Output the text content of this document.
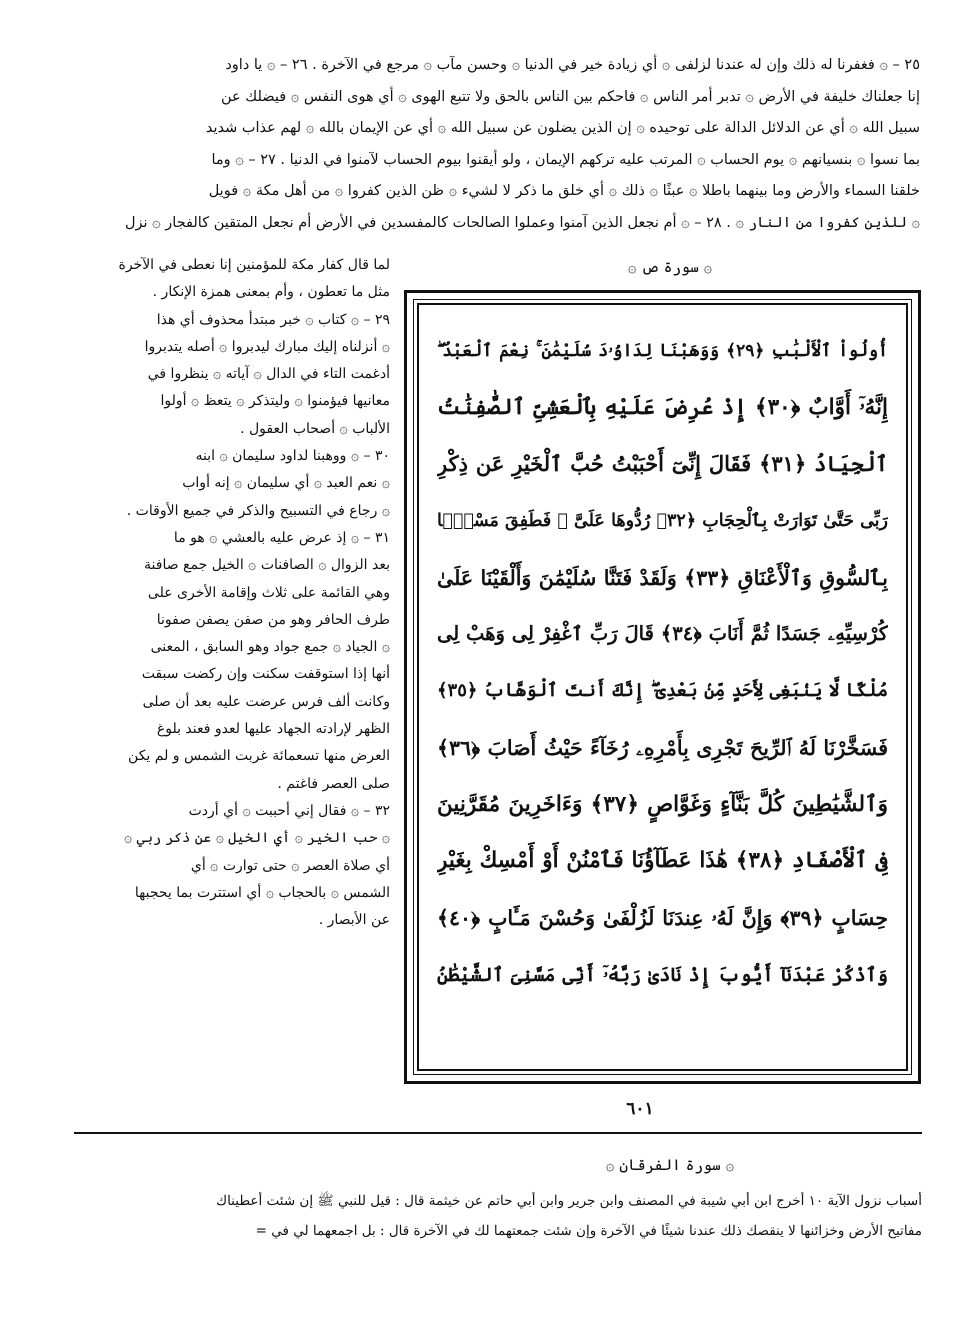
٢٥ – ۞ فغفرنا له ذلك وإن له عندنا لزلفى ۞ أي زيادة خير في الدنيا ۞ وحسن مآب ۞ مرجع في الآخرة . ٢٦ – ۞ يا داود
إنا جعلناك خليفة في الأرض ۞ تدبر أمر الناس ۞ فاحكم بين الناس بالحق ولا تتبع الهوى ۞ أي هوى النفس ۞ فيضلك عن
سبيل الله ۞ أي عن الدلائل الدالة على توحيده ۞ إن الذين يضلون عن سبيل الله ۞ أي عن الإيمان بالله ۞ لهم عذاب شديد
بما نسوا ۞ بنسيانهم ۞ يوم الحساب ۞ المرتب عليه تركهم الإيمان ، ولو أيقنوا بيوم الحساب لآمنوا في الدنيا . ٢٧ – ۞ وما
خلقنا السماء والأرض وما بينهما باطلا ۞ عبثًا ۞ ذلك ۞ أي خلق ما ذكر لا لشيء ۞ ظن الذين كفروا ۞ من أهل مكة ۞ فويل
۞ للذين كفروا من النار ۞ . ٢٨ – ۞ أم نجعل الذين آمنوا وعملوا الصالحات كالمفسدين في الأرض أم نجعل المتقين كالفجار ۞ نزل
۞ سورة ص ۞
أُولُواْ ٱلْأَلْبَٰبِ ﴿٢٩﴾ وَوَهَبْنَا لِدَاوُۥدَ سُلَيْمَٰنَ ۚ نِعْمَ ٱلْعَبْدُ ۖ
إِنَّهُۥٓ أَوَّابٌ ﴿٣٠﴾ إِذْ عُرِضَ عَلَيْهِ بِٱلْعَشِىِّ ٱلصَّٰفِنَٰتُ
ٱلْجِيَادُ ﴿٣١﴾ فَقَالَ إِنِّىٓ أَحْبَبْتُ حُبَّ ٱلْخَيْرِ عَن ذِكْرِ
رَبِّى حَتَّىٰ تَوَارَتْ بِٱلْحِجَابِ ﴿٣٢﴾ رُدُّوهَا عَلَىَّ ۖ فَطَفِقَ مَسْحًۢا
بِٱلسُّوقِ وَٱلْأَعْنَاقِ ﴿٣٣﴾ وَلَقَدْ فَتَنَّا سُلَيْمَٰنَ وَأَلْقَيْنَا عَلَىٰ
كُرْسِيِّهِۦ جَسَدًا ثُمَّ أَنَابَ ﴿٣٤﴾ قَالَ رَبِّ ٱغْفِرْ لِى وَهَبْ لِى
مُلْكًا لَّا يَنۢبَغِى لِأَحَدٍ مِّنۢ بَعْدِىٓ ۖ إِنَّكَ أَنتَ ٱلْوَهَّابُ ﴿٣٥﴾
فَسَخَّرْنَا لَهُ ٱلرِّيحَ تَجْرِى بِأَمْرِهِۦ رُخَآءً حَيْثُ أَصَابَ ﴿٣٦﴾
وَٱلشَّيَٰطِينَ كُلَّ بَنَّآءٍ وَغَوَّاصٍ ﴿٣٧﴾ وَءَاخَرِينَ مُقَرَّنِينَ
فِى ٱلْأَصْفَادِ ﴿٣٨﴾ هَٰذَا عَطَآؤُنَا فَٱمْنُنْ أَوْ أَمْسِكْ بِغَيْرِ
حِسَابٍ ﴿٣٩﴾ وَإِنَّ لَهُۥ عِندَنَا لَزُلْفَىٰ وَحُسْنَ مَـَٔابٍ ﴿٤٠﴾
وَٱذْكُرْ عَبْدَنَآ أَيُّوبَ إِذْ نَادَىٰ رَبَّهُۥٓ أَنِّى مَسَّنِىَ ٱلشَّيْطَٰنُ
لما قال كفار مكة للمؤمنين إنا نعطى في الآخرة
مثل ما تعطون ، وأم بمعنى همزة الإنكار .
٢٩ – ۞ كتاب ۞ خبر مبتدأ محذوف أي هذا
۞ أنزلناه إليك مبارك ليدبروا ۞ أصله يتدبروا
أدغمت التاء في الدال ۞ آياته ۞ ينظروا في
معانيها فيؤمنوا ۞ وليتذكر ۞ يتعظ ۞ أولوا
الألباب ۞ أصحاب العقول .
٣٠ – ۞ ووهبنا لداود سليمان ۞ ابنه
۞ نعم العبد ۞ أي سليمان ۞ إنه أواب
۞ رجاع في التسبيح والذكر في جميع الأوقات .
٣١ – ۞ إذ عرض عليه بالعشي ۞ هو ما
بعد الزوال ۞ الصافنات ۞ الخيل جمع صافنة
وهي القائمة على ثلاث وإقامة الأخرى على
طرف الحافر وهو من صفن يصفن صفونا
۞ الجياد ۞ جمع جواد وهو السابق ، المعنى
أنها إذا استوقفت سكنت وإن ركضت سبقت
وكانت ألف فرس عرضت عليه بعد أن صلى
الظهر لإرادته الجهاد عليها لعدو فعند بلوغ
العرض منها تسعمائة غربت الشمس و لم يكن
صلى العصر فاغتم .
٣٢ – ۞ فقال إني أحببت ۞ أي أردت
۞ حب الخير ۞ أي الخيل ۞ عن ذكر ربي ۞
أي صلاة العصر ۞ حتى توارت ۞ أي
الشمس ۞ بالحجاب ۞ أي استترت بما يحجبها
عن الأبصار .
٦٠١
۞ سورة الفرقان ۞
أسباب نزول الآية ١٠ أخرج ابن أبي شيبة في المصنف وابن جرير وابن أبي حاتم عن خيثمة قال : قيل للنبي ﷺ إن شئت أعطيناك
مفاتيح الأرض وخزائنها لا ينقصك ذلك عندنا شيئًا في الآخرة وإن شئت جمعتهما لك في الآخرة قال : بل اجمعهما لي في =
